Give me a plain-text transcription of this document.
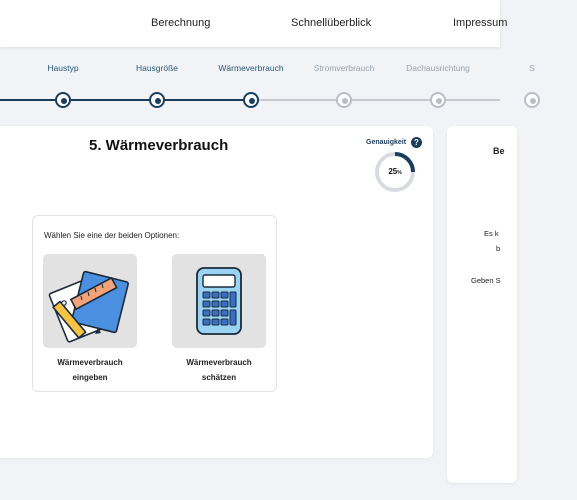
Berechnung	Schnellüberblick	Impressum
Haustyp	Hausgröße	Wärmeverbrauch	Stromverbrauch	Dachausrichtung	S
5. Wärmeverbrauch	Genauigkeit ?
25%
Wählen Sie eine der beiden Optionen:
Wärmeverbrauch
eingeben
Wärmeverbrauch
schätzen
Be
Es k
b
Geben S
